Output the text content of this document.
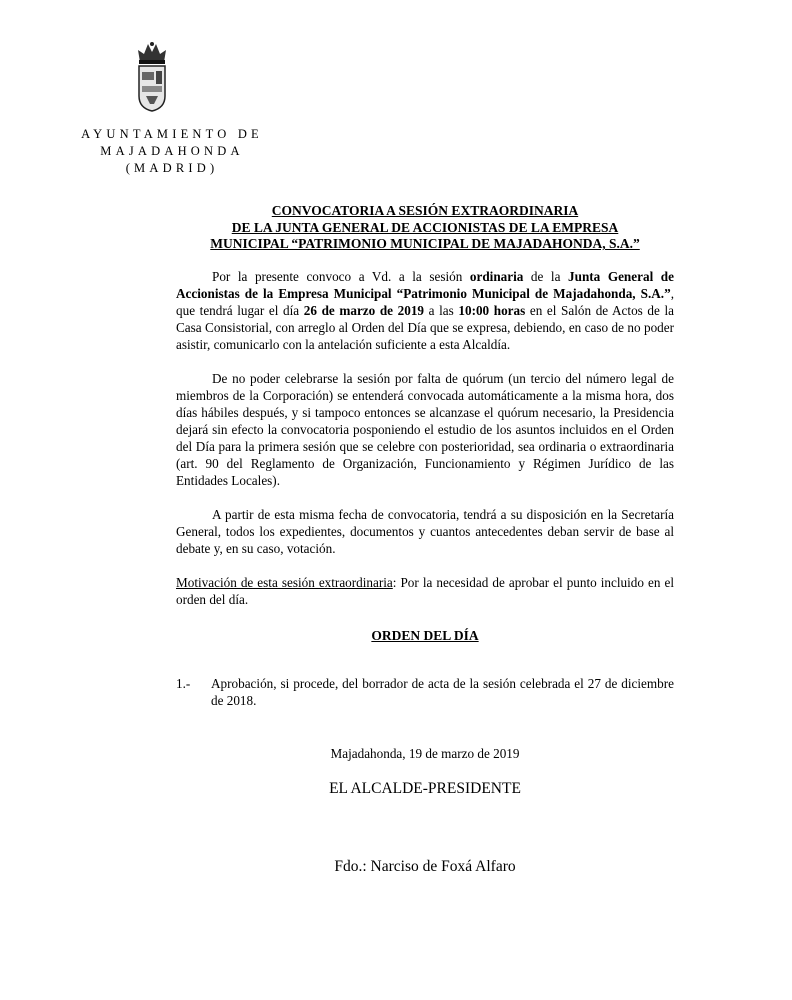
AYUNTAMIENTO DE
MAJADAHONDA
(MADRID)
CONVOCATORIA A SESIÓN EXTRAORDINARIA
DE LA JUNTA GENERAL DE ACCIONISTAS DE LA EMPRESA
MUNICIPAL “PATRIMONIO MUNICIPAL DE MAJADAHONDA, S.A.”

Por la presente convoco a Vd. a la sesión ordinaria de la Junta General de Accionistas de la Empresa Municipal “Patrimonio Municipal de Majadahonda, S.A.”, que tendrá lugar el día 26 de marzo de 2019 a las 10:00 horas en el Salón de Actos de la Casa Consistorial, con arreglo al Orden del Día que se expresa, debiendo, en caso de no poder asistir, comunicarlo con la antelación suficiente a esta Alcaldía.

De no poder celebrarse la sesión por falta de quórum (un tercio del número legal de miembros de la Corporación) se entenderá convocada automáticamente a la misma hora, dos días hábiles después, y si tampoco entonces se alcanzase el quórum necesario, la Presidencia dejará sin efecto la convocatoria posponiendo el estudio de los asuntos incluidos en el Orden del Día para la primera sesión que se celebre con posterioridad, sea ordinaria o extraordinaria (art. 90 del Reglamento de Organización, Funcionamiento y Régimen Jurídico de las Entidades Locales).

A partir de esta misma fecha de convocatoria, tendrá a su disposición en la Secretaría General, todos los expedientes, documentos y cuantos antecedentes deban servir de base al debate y, en su caso, votación.

Motivación de esta sesión extraordinaria: Por la necesidad de aprobar el punto incluido en el orden del día.

ORDEN DEL DÍA
1.- Aprobación, si procede, del borrador de acta de la sesión celebrada el 27 de diciembre de 2018.
Majadahonda, 19 de marzo de 2019
EL ALCALDE-PRESIDENTE
Fdo.: Narciso de Foxá Alfaro
